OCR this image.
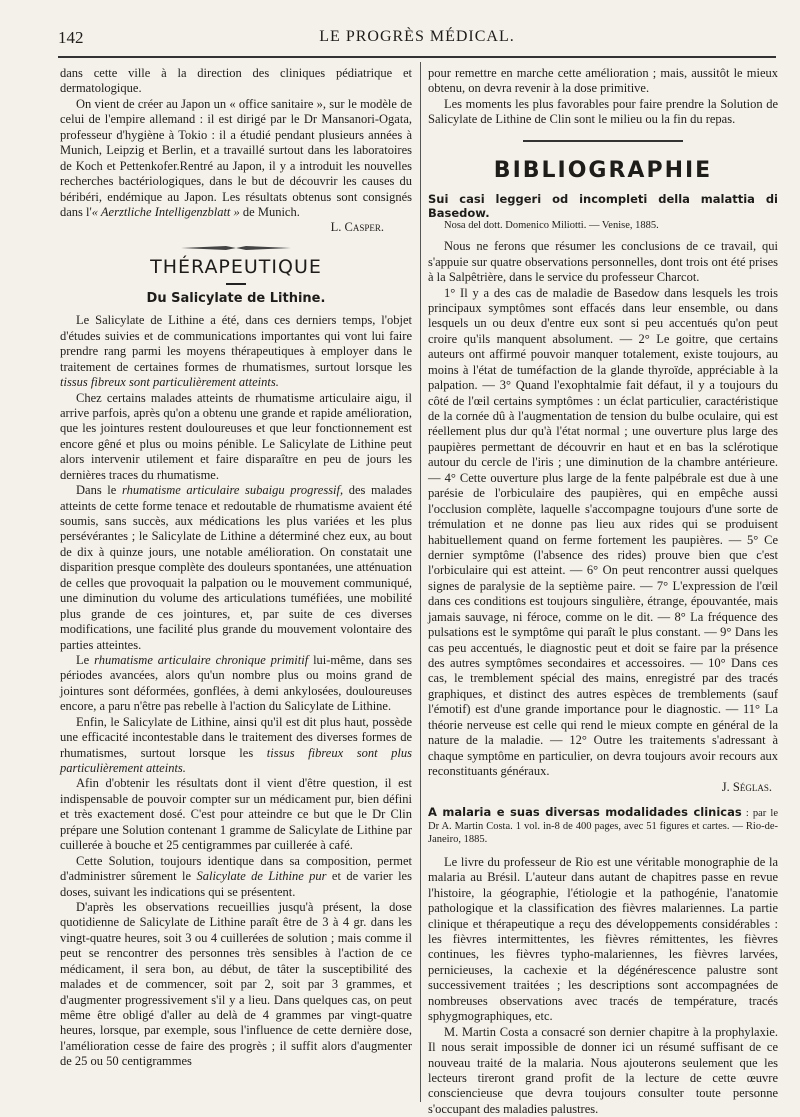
142	LE PROGRÈS MÉDICAL.

dans cette ville à la direction des cliniques pédiatrique et dermatologique.

On vient de créer au Japon un « office sanitaire », sur le modèle de celui de l'empire allemand : il est dirigé par le Dr Mansanori-Ogata, professeur d'hygiène à Tokio : il a étudié pendant plusieurs années à Munich, Leipzig et Berlin, et a travaillé surtout dans les laboratoires de Koch et Pettenkofer.Rentré au Japon, il y a introduit les nouvelles recherches bactériologiques, dans le but de découvrir les causes du béribéri, endémique au Japon. Les résultats obtenus sont consignés dans l'« Aerztliche Intelligenzblatt » de Munich.

L. Casper.
THÉRAPEUTIQUE
Du Salicylate de Lithine.

Le Salicylate de Lithine a été, dans ces derniers temps, l'objet d'études suivies et de communications importantes qui vont lui faire prendre rang parmi les moyens thérapeutiques à employer dans le traitement de certaines formes de rhumatismes, surtout lorsque les tissus fibreux sont particulièrement atteints.

Chez certains malades atteints de rhumatisme articulaire aigu, il arrive parfois, après qu'on a obtenu une grande et rapide amélioration, que les jointures restent douloureuses et que leur fonctionnement est encore gêné et plus ou moins pénible. Le Salicylate de Lithine peut alors intervenir utilement et faire disparaître en peu de jours les dernières traces du rhumatisme.

Dans le rhumatisme articulaire subaigu progressif, des malades atteints de cette forme tenace et redoutable de rhumatisme avaient été soumis, sans succès, aux médications les plus variées et les plus persévérantes ; le Salicylate de Lithine a déterminé chez eux, au bout de dix à quinze jours, une notable amélioration. On constatait une disparition presque complète des douleurs spontanées, une atténuation de celles que provoquait la palpation ou le mouvement communiqué, une diminution du volume des articulations tuméfiées, une mobilité plus grande de ces jointures, et, par suite de ces diverses modifications, une facilité plus grande du mouvement volontaire des parties atteintes.

Le rhumatisme articulaire chronique primitif lui-même, dans ses périodes avancées, alors qu'un nombre plus ou moins grand de jointures sont déformées, gonflées, à demi ankylosées, douloureuses encore, a paru n'être pas rebelle à l'action du Salicylate de Lithine.

Enfin, le Salicylate de Lithine, ainsi qu'il est dit plus haut, possède une efficacité incontestable dans le traitement des diverses formes de rhumatismes, surtout lorsque les tissus fibreux sont plus particulièrement atteints.

Afin d'obtenir les résultats dont il vient d'être question, il est indispensable de pouvoir compter sur un médicament pur, bien défini et très exactement dosé. C'est pour atteindre ce but que le Dr Clin prépare une Solution contenant 1 gramme de Salicylate de Lithine par cuillerée à bouche et 25 centigrammes par cuillerée à café.

Cette Solution, toujours identique dans sa composition, permet d'administrer sûrement le Salicylate de Lithine pur et de varier les doses, suivant les indications qui se présentent.

D'après les observations recueillies jusqu'à présent, la dose quotidienne de Salicylate de Lithine paraît être de 3 à 4 gr. dans les vingt-quatre heures, soit 3 ou 4 cuillerées de solution ; mais comme il peut se rencontrer des personnes très sensibles à l'action de ce médicament, il sera bon, au début, de tâter la susceptibilité des malades et de commencer, soit par 2, soit par 3 grammes, et d'augmenter progressivement s'il y a lieu. Dans quelques cas, on peut même être obligé d'aller au delà de 4 grammes par vingt-quatre heures, lorsque, par exemple, sous l'influence de cette dernière dose, l'amélioration cesse de faire des progrès ; il suffit alors d'augmenter de 25 ou 50 centigrammes

pour remettre en marche cette amélioration ; mais, aussitôt le mieux obtenu, on devra revenir à la dose primitive.

Les moments les plus favorables pour faire prendre la Solution de Salicylate de Lithine de Clin sont le milieu ou la fin du repas.

BIBLIOGRAPHIE

Sui casi leggeri od incompleti della malattia di Basedow.

Nosa del dott. Domenico Miliotti. — Venise, 1885.

Nous ne ferons que résumer les conclusions de ce travail, qui s'appuie sur quatre observations personnelles, dont trois ont été prises à la Salpêtrière, dans le service du professeur Charcot.

1° Il y a des cas de maladie de Basedow dans lesquels les trois principaux symptômes sont effacés dans leur ensemble, ou dans lesquels un ou deux d'entre eux sont si peu accentués qu'on peut croire qu'ils manquent absolument. — 2° Le goitre, que certains auteurs ont affirmé pouvoir manquer totalement, existe toujours, au moins à l'état de tuméfaction de la glande thyroïde, appréciable à la palpation. — 3° Quand l'exophtalmie fait défaut, il y a toujours du côté de l'œil certains symptômes : un éclat particulier, caractéristique de la cornée dû à l'augmentation de tension du bulbe oculaire, qui est réellement plus dur qu'à l'état normal ; une ouverture plus large des paupières permettant de découvrir en haut et en bas la sclérotique autour du cercle de l'iris ; une diminution de la chambre antérieure. — 4° Cette ouverture plus large de la fente palpébrale est due à une parésie de l'orbiculaire des paupières, qui en empêche aussi l'occlusion complète, laquelle s'accompagne toujours d'une sorte de trémulation et ne donne pas lieu aux rides qui se produisent habituellement quand on ferme fortement les paupières. — 5° Ce dernier symptôme (l'absence des rides) prouve bien que c'est l'orbiculaire qui est atteint. — 6° On peut rencontrer aussi quelques signes de paralysie de la septième paire. — 7° L'expression de l'œil dans ces conditions est toujours singulière, étrange, épouvantée, mais jamais sauvage, ni féroce, comme on le dit. — 8° La fréquence des pulsations est le symptôme qui paraît le plus constant. — 9° Dans les cas peu accentués, le diagnostic peut et doit se faire par la présence des autres symptômes secondaires et accessoires. — 10° Dans ces cas, le tremblement spécial des mains, enregistré par des tracés graphiques, et distinct des autres espèces de tremblements (sauf l'émotif) est d'une grande importance pour le diagnostic. — 11° La théorie nerveuse est celle qui rend le mieux compte en général de la nature de la maladie. — 12° Outre les traitements s'adressant à chaque symptôme en particulier, on devra toujours avoir recours aux reconstituants généraux.

J. Séglas.

A malaria e suas diversas modalidades clinicas : par le Dr A. Martin Costa. 1 vol. in-8 de 400 pages, avec 51 figures et cartes. — Rio-de-Janeiro, 1885.

Le livre du professeur de Rio est une véritable monographie de la malaria au Brésil. L'auteur dans autant de chapitres passe en revue l'histoire, la géographie, l'étiologie et la pathogénie, l'anatomie pathologique et la classification des fièvres malariennes. La partie clinique et thérapeutique a reçu des développements considérables : les fièvres intermittentes, les fièvres rémittentes, les fièvres continues, les fièvres typho-malariennes, les fièvres larvées, pernicieuses, la cachexie et la dégénérescence palustre sont successivement traitées ; les descriptions sont accompagnées de nombreuses observations avec tracés de température, tracés sphygmographiques, etc.

M. Martin Costa a consacré son dernier chapitre à la prophylaxie. Il nous serait impossible de donner ici un résumé suffisant de ce nouveau traité de la malaria. Nous ajouterons seulement que les lecteurs tireront grand profit de la lecture de cette œuvre consciencieuse que devra toujours consulter toute personne s'occupant des maladies palustres.
